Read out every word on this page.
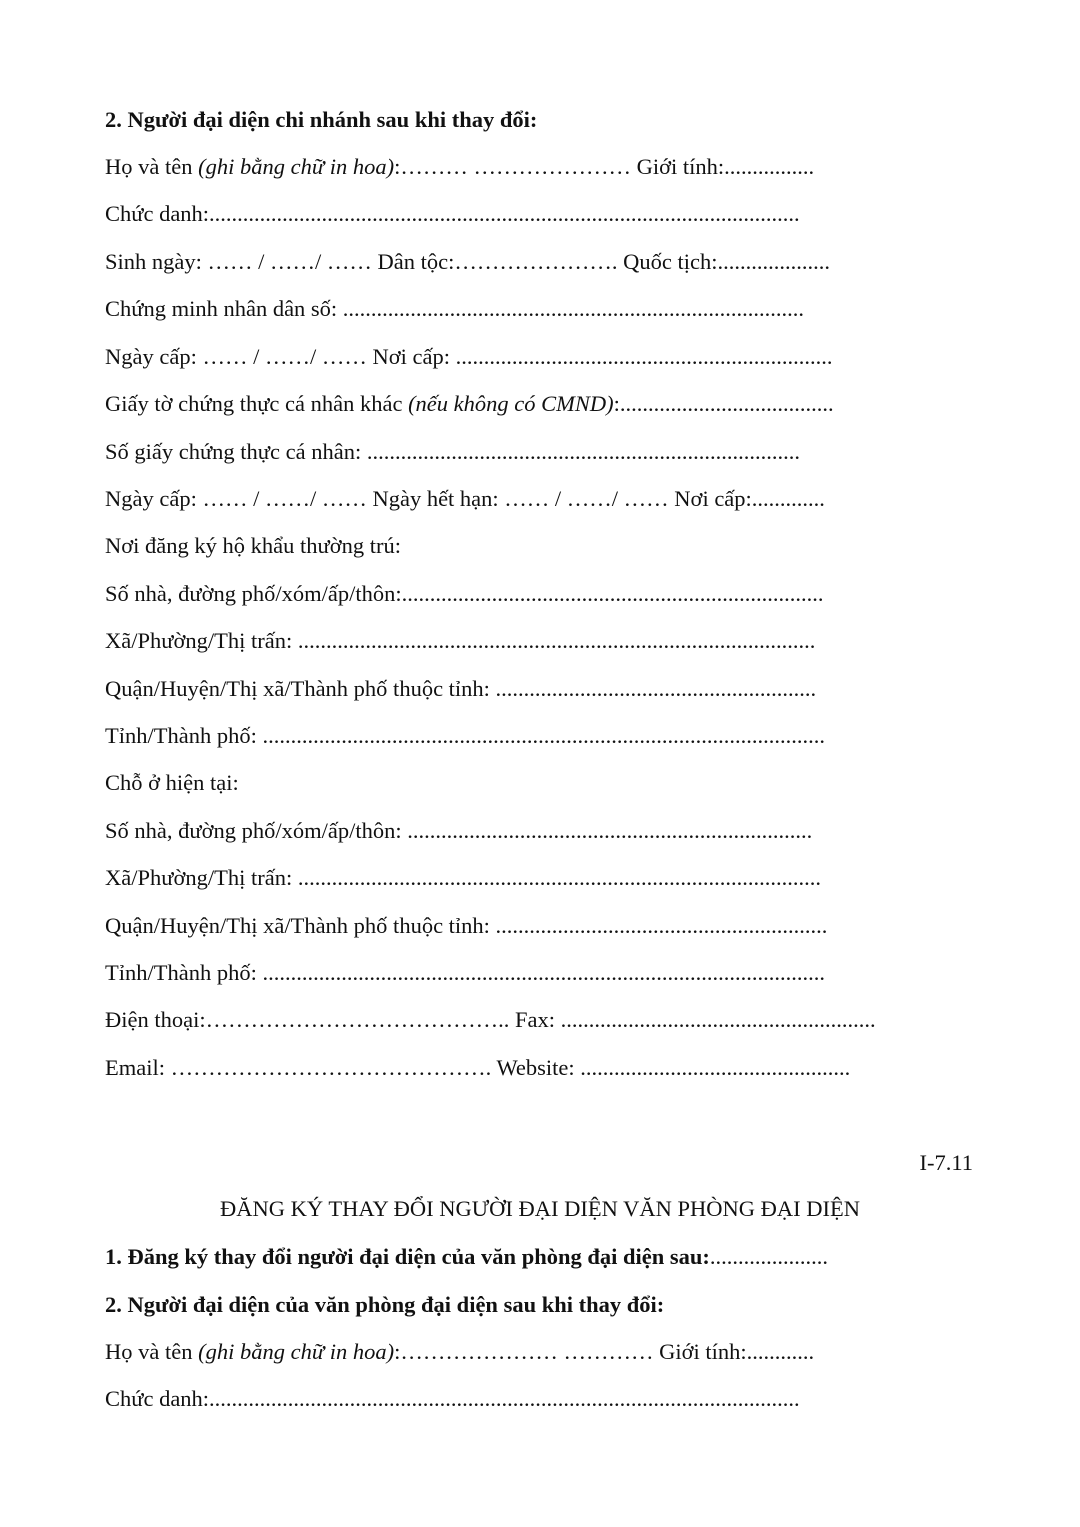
2. Người đại diện chi nhánh sau khi thay đổi:
Họ và tên (ghi bằng chữ in hoa):……… ………………… Giới tính:................
Chức danh:.........................................................................................................
Sinh ngày: …… / ……/ …… Dân tộc:…………………. Quốc tịch:....................
Chứng minh nhân dân số: ..................................................................................
Ngày cấp: …… / ……/ …… Nơi cấp: ...................................................................
Giấy tờ chứng thực cá nhân khác (nếu không có CMND):......................................
Số giấy chứng thực cá nhân: .............................................................................
Ngày cấp: …… / ……/ …… Ngày hết hạn: …… / ……/ …… Nơi cấp:.............
Nơi đăng ký hộ khẩu thường trú:
Số nhà, đường phố/xóm/ấp/thôn:...........................................................................
Xã/Phường/Thị trấn: ............................................................................................
Quận/Huyện/Thị xã/Thành phố thuộc tỉnh: .........................................................
Tỉnh/Thành phố: ....................................................................................................
Chỗ ở hiện tại:
Số nhà, đường phố/xóm/ấp/thôn: ........................................................................
Xã/Phường/Thị trấn: .............................................................................................
Quận/Huyện/Thị xã/Thành phố thuộc tỉnh: ...........................................................
Tỉnh/Thành phố: ....................................................................................................
Điện thoại:………………………………….. Fax: ........................................................
Email: ……………………………………. Website: ................................................
I-7.11
ĐĂNG KÝ THAY ĐỔI NGƯỜI ĐẠI DIỆN VĂN PHÒNG ĐẠI DIỆN
1. Đăng ký thay đổi người đại diện của văn phòng đại diện sau:.....................
2. Người đại diện của văn phòng đại diện sau khi thay đổi:
Họ và tên (ghi bằng chữ in hoa):………………… ………… Giới tính:............
Chức danh:.........................................................................................................
